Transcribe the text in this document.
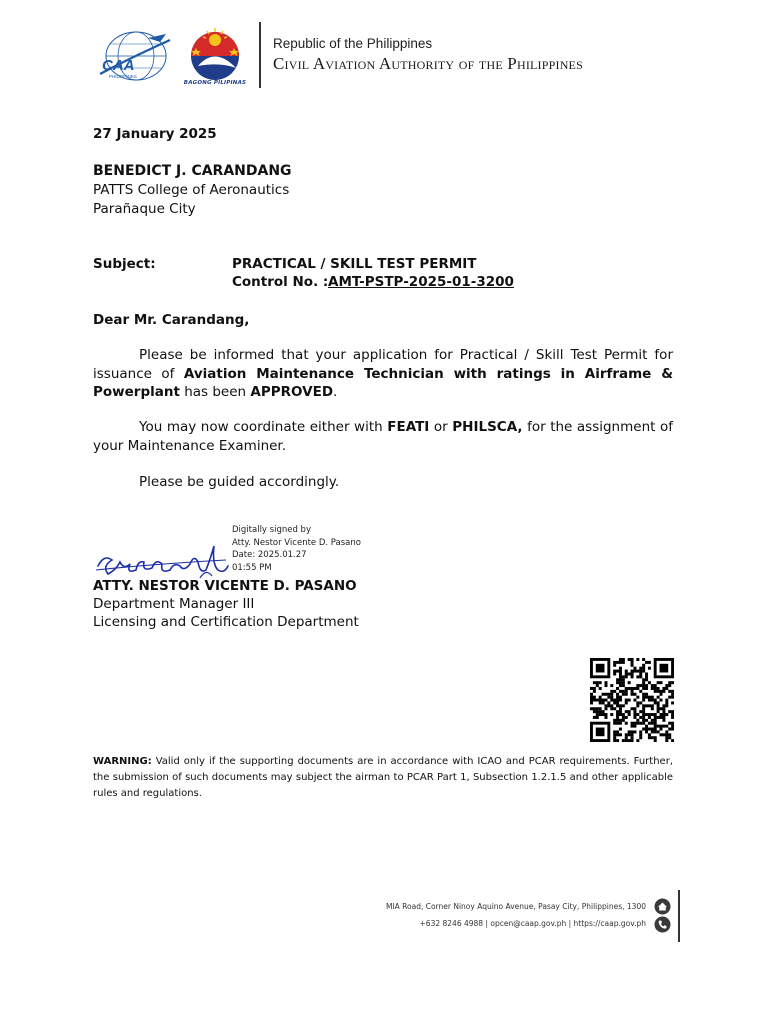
CAA
PHILIPPINES
BAGONG PILIPINAS
Republic of the Philippines
Civil Aviation Authority of the Philippines
27 January 2025
BENEDICT J. CARANDANG
PATTS College of Aeronautics
Parañaque City
Subject:	PRACTICAL / SKILL TEST PERMIT
Control No. : AMT-PSTP-2025-01-3200
Dear Mr. Carandang,
Please be informed that your application for Practical / Skill Test Permit for issuance of Aviation Maintenance Technician with ratings in Airframe & Powerplant has been APPROVED.
You may now coordinate either with FEATI or PHILSCA, for the assignment of your Maintenance Examiner.
Please be guided accordingly.
Digitally signed by
Atty. Nestor Vicente D. Pasano
Date: 2025.01.27
01:55 PM
ATTY. NESTOR VICENTE D. PASANO
Department Manager III
Licensing and Certification Department
WARNING: Valid only if the supporting documents are in accordance with ICAO and PCAR requirements. Further, the submission of such documents may subject the airman to PCAR Part 1, Subsection 1.2.1.5 and other applicable rules and regulations.
MIA Road, Corner Ninoy Aquino Avenue, Pasay City, Philippines, 1300
+632 8246 4988 | opcen@caap.gov.ph | https://caap.gov.ph
